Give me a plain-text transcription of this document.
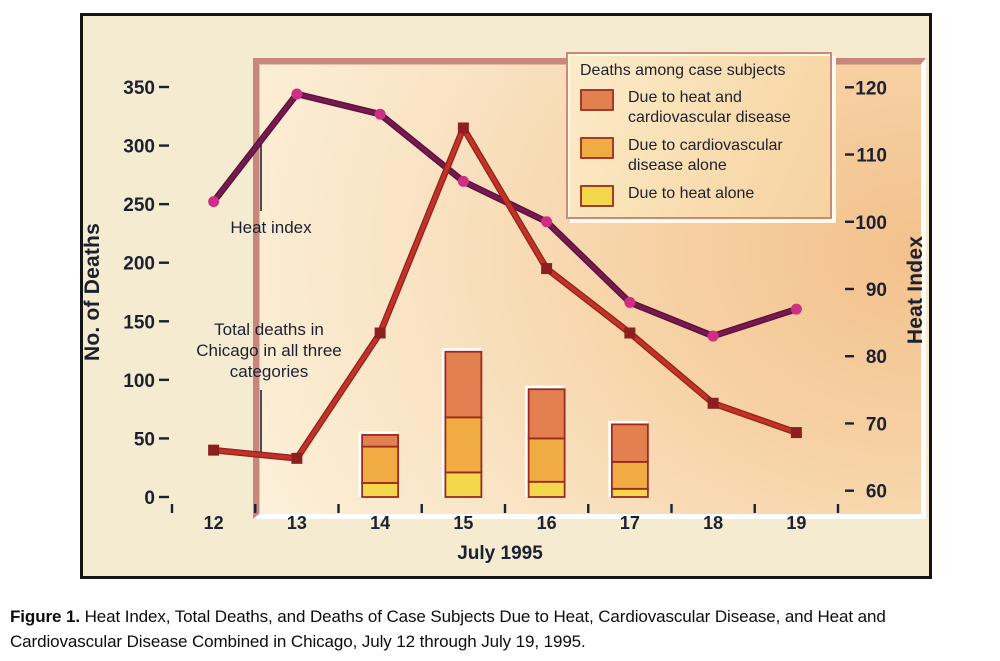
No. of Deaths	Heat Index
July 1995
Heat index
Total deaths in Chicago in all three categories
Deaths among case subjects
Due to heat and cardiovascular disease
Due to cardiovascular disease alone
Due to heat alone
0
50
100
150
200
250
300
350
60
70
80
90
100
110
120
12	13	14	15	16	17	18	19

Figure 1. Heat Index, Total Deaths, and Deaths of Case Subjects Due to Heat, Cardiovascular Disease, and Heat and Cardiovascular Disease Combined in Chicago, July 12 through July 19, 1995.
